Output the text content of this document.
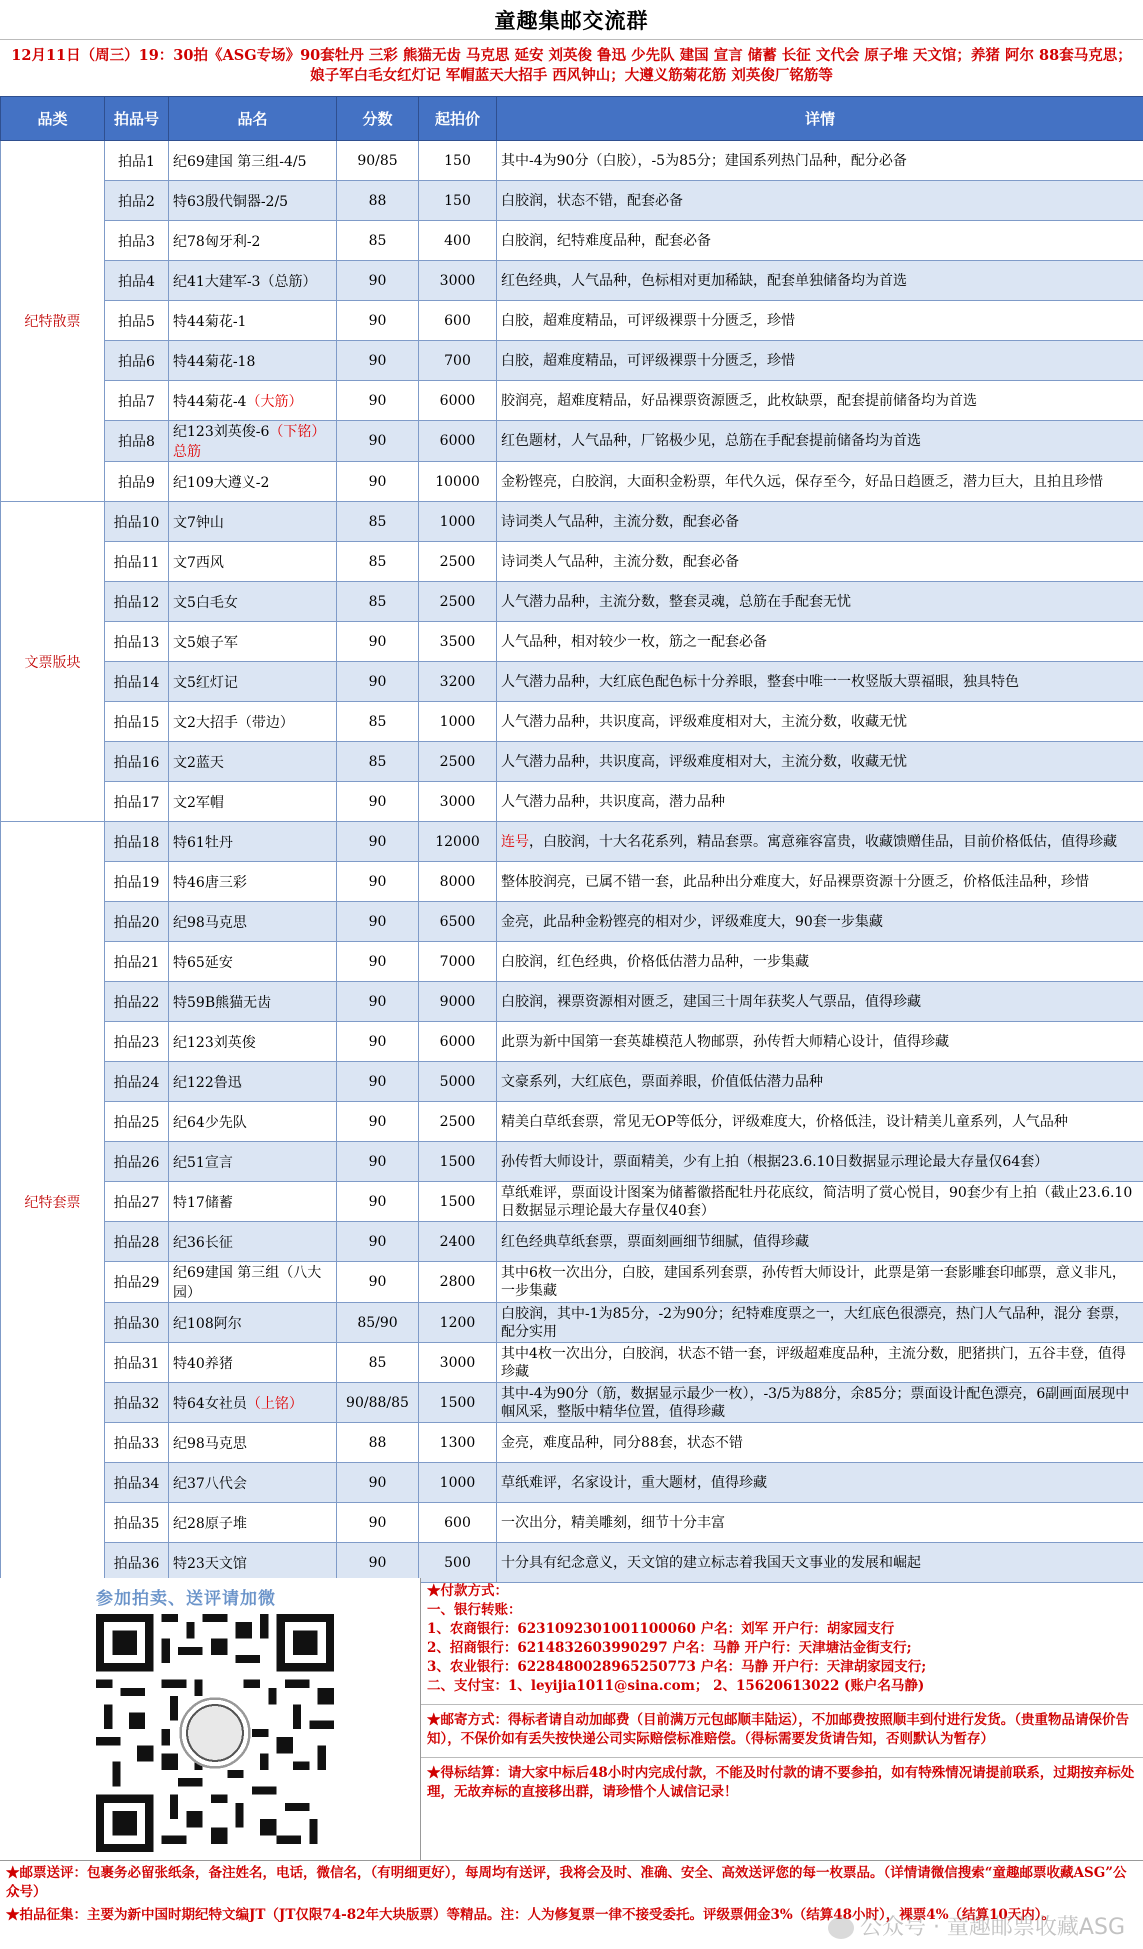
童趣集邮交流群
12月11日（周三）19：30拍《ASG专场》90套牡丹 三彩 熊猫无齿 马克思 延安 刘英俊 鲁迅 少先队 建国 宣言 储蓄 长征 文代会 原子堆 天文馆；养猪 阿尔 88套马克思；娘子军白毛女红灯记 军帽蓝天大招手 西风钟山；大遵义筋菊花筋 刘英俊厂铭筋等
品类	拍品号	品名	分数	起拍价	详情
纪特散票	拍品1	纪69建国 第三组-4/5	90/85	150	其中-4为90分（白胶），-5为85分；建国系列热门品种，配分必备
	拍品2	特63殷代铜器-2/5	88	150	白胶润，状态不错，配套必备
	拍品3	纪78匈牙利-2	85	400	白胶润，纪特难度品种，配套必备
	拍品4	纪41大建军-3（总筋）	90	3000	红色经典，人气品种，色标相对更加稀缺，配套单独储备均为首选
	拍品5	特44菊花-1	90	600	白胶，超难度精品，可评级裸票十分匮乏，珍惜
	拍品6	特44菊花-18	90	700	白胶，超难度精品，可评级裸票十分匮乏，珍惜
	拍品7	特44菊花-4（大筋）	90	6000	胶润亮，超难度精品，好品裸票资源匮乏，此枚缺票，配套提前储备均为首选
	拍品8	纪123刘英俊-6（下铭）总筋	90	6000	红色题材，人气品种，厂铭极少见，总筋在手配套提前储备均为首选
	拍品9	纪109大遵义-2	90	10000	金粉铿亮，白胶润，大面积金粉票，年代久远，保存至今，好品日趋匮乏，潜力巨大，且拍且珍惜
文票版块	拍品10	文7钟山	85	1000	诗词类人气品种，主流分数，配套必备
	拍品11	文7西风	85	2500	诗词类人气品种，主流分数，配套必备
	拍品12	文5白毛女	85	2500	人气潜力品种，主流分数，整套灵魂，总筋在手配套无忧
	拍品13	文5娘子军	90	3500	人气品种，相对较少一枚，筋之一配套必备
	拍品14	文5红灯记	90	3200	人气潜力品种，大红底色配色标十分养眼，整套中唯一一枚竖版大票福眼，独具特色
	拍品15	文2大招手（带边）	85	1000	人气潜力品种，共识度高，评级难度相对大，主流分数，收藏无忧
	拍品16	文2蓝天	85	2500	人气潜力品种，共识度高，评级难度相对大，主流分数，收藏无忧
	拍品17	文2军帽	90	3000	人气潜力品种，共识度高，潜力品种
纪特套票	拍品18	特61牡丹	90	12000	连号，白胶润，十大名花系列，精品套票。寓意雍容富贵，收藏馈赠佳品，目前价格低估，值得珍藏
	拍品19	特46唐三彩	90	8000	整体胶润亮，已属不错一套，此品种出分难度大，好品裸票资源十分匮乏，价格低洼品种，珍惜
	拍品20	纪98马克思	90	6500	金亮，此品种金粉铿亮的相对少，评级难度大，90套一步集藏
	拍品21	特65延安	90	7000	白胶润，红色经典，价格低估潜力品种，一步集藏
	拍品22	特59B熊猫无齿	90	9000	白胶润，裸票资源相对匮乏，建国三十周年获奖人气票品，值得珍藏
	拍品23	纪123刘英俊	90	6000	此票为新中国第一套英雄模范人物邮票，孙传哲大师精心设计，值得珍藏
	拍品24	纪122鲁迅	90	5000	文豪系列，大红底色，票面养眼，价值低估潜力品种
	拍品25	纪64少先队	90	2500	精美白草纸套票，常见无OP等低分，评级难度大，价格低洼，设计精美儿童系列，人气品种
	拍品26	纪51宣言	90	1500	孙传哲大师设计，票面精美，少有上拍（根据23.6.10日数据显示理论最大存量仅64套）
	拍品27	特17储蓄	90	1500	草纸难评，票面设计图案为储蓄徽搭配牡丹花底纹，简洁明了赏心悦目，90套少有上拍（截止23.6.10日数据显示理论最大存量仅40套）
	拍品28	纪36长征	90	2400	红色经典草纸套票，票面刻画细节细腻，值得珍藏
	拍品29	纪69建国 第三组（八大园）	90	2800	其中6枚一次出分，白胶，建国系列套票，孙传哲大师设计，此票是第一套影雕套印邮票，意义非凡，一步集藏
	拍品30	纪108阿尔	85/90	1200	白胶润，其中-1为85分，-2为90分；纪特难度票之一，大红底色很漂亮，热门人气品种，混分 套票，配分实用
	拍品31	特40养猪	85	3000	其中4枚一次出分，白胶润，状态不错一套，评级超难度品种，主流分数，肥猪拱门，五谷丰登，值得珍藏
	拍品32	特64女社员（上铭）	90/88/85	1500	其中-4为90分（筋，数据显示最少一枚），-3/5为88分，余85分；票面设计配色漂亮，6副画面展现中帼风采，整版中精华位置，值得珍藏
	拍品33	纪98马克思	88	1300	金亮，难度品种，同分88套，状态不错
	拍品34	纪37八代会	90	1000	草纸难评，名家设计，重大题材，值得珍藏
	拍品35	纪28原子堆	90	600	一次出分，精美雕刻，细节十分丰富
	拍品36	特23天文馆	90	500	十分具有纪念意义，天文馆的建立标志着我国天文事业的发展和崛起
参加拍卖、送评请加微	★付款方式：
一、银行转账：
1、农商银行：6231092301001100060 户名：刘军 开户行：胡家园支行
2、招商银行：6214832603990297 户名：马静 开户行：天津塘沽金街支行;
3、农业银行：6228480028965250773 户名：马静 开户行：天津胡家园支行;
二、支付宝：1、leyijia1011@sina.com； 2、15620613022 (账户名马静)
★邮寄方式：得标者请自动加邮费（目前满万元包邮顺丰陆运），不加邮费按照顺丰到付进行发货。（贵重物品请保价告知），不保价如有丢失按快递公司实际赔偿标准赔偿。（得标需要发货请告知，否则默认为暂存）
★得标结算：请大家中标后48小时内完成付款，不能及时付款的请不要参拍，如有特殊情况请提前联系，过期按弃标处理，无故弃标的直接移出群，请珍惜个人诚信记录！

★邮票送评：包裹务必留张纸条，备注姓名，电话，微信名，（有明细更好），每周均有送评，我将会及时、准确、安全、高效送评您的每一枚票品。（详情请微信搜索“童趣邮票收藏ASG”公众号）

★拍品征集：主要为新中国时期纪特文编JT（JT仅限74-82年大块版票）等精品。注：人为修复票一律不接受委托。评级票佣金3%（结算48小时），裸票4%（结算10天内）。

公众号 · 童趣邮票收藏ASG
